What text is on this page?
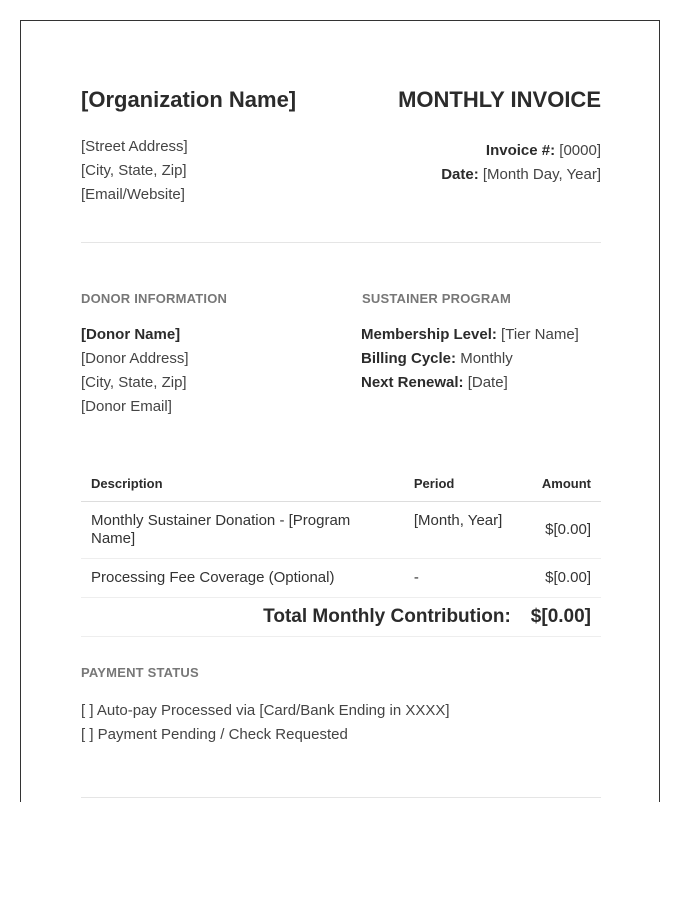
[Organization Name]	MONTHLY INVOICE
[Street Address]
[City, State, Zip]
[Email/Website]
Invoice #: [0000]
Date: [Month Day, Year]
DONOR INFORMATION	SUSTAINER PROGRAM
[Donor Name]
[Donor Address]
[City, State, Zip]
[Donor Email]
Membership Level: [Tier Name]
Billing Cycle: Monthly
Next Renewal: [Date]
Description	Period	Amount
Monthly Sustainer Donation - [Program Name]	[Month, Year]	$[0.00]
Processing Fee Coverage (Optional)	-	$[0.00]
Total Monthly Contribution:		$[0.00]
PAYMENT STATUS
[ ] Auto-pay Processed via [Card/Bank Ending in XXXX]
[ ] Payment Pending / Check Requested
